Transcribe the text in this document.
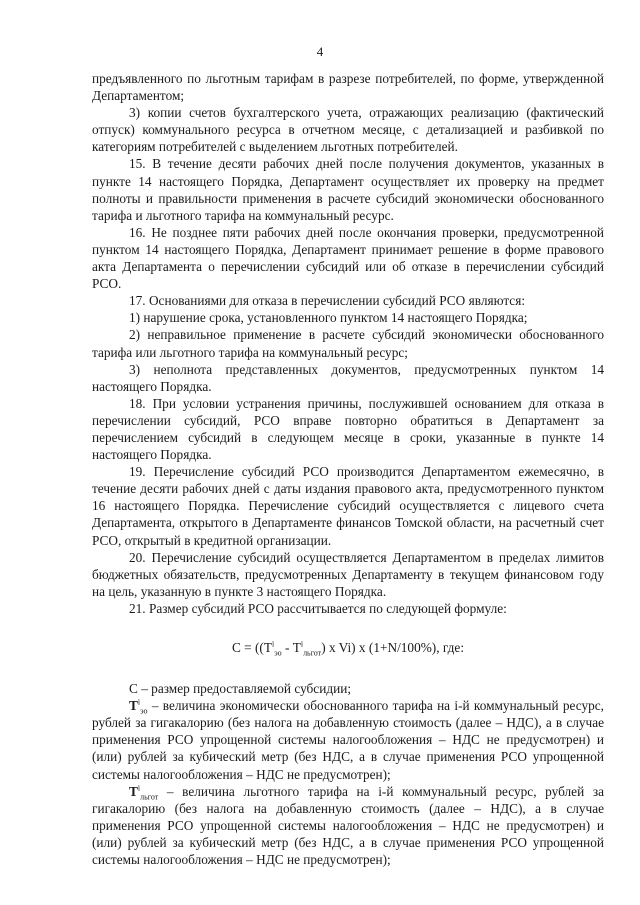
4

предъявленного по льготным тарифам в разрезе потребителей, по форме, утвержденной Департаментом;

3) копии счетов бухгалтерского учета, отражающих реализацию (фактический отпуск) коммунального ресурса в отчетном месяце, с детализацией и разбивкой по категориям потребителей с выделением льготных потребителей.

15. В течение десяти рабочих дней после получения документов, указанных в пункте 14 настоящего Порядка, Департамент осуществляет их проверку на предмет полноты и правильности применения в расчете субсидий экономически обоснованного тарифа и льготного тарифа на коммунальный ресурс.

16. Не позднее пяти рабочих дней после окончания проверки, предусмотренной пунктом 14 настоящего Порядка, Департамент принимает решение в форме правового акта Департамента о перечислении субсидий или об отказе в перечислении субсидий РСО.

17. Основаниями для отказа в перечислении субсидий РСО являются:

1) нарушение срока, установленного пунктом 14 настоящего Порядка;

2) неправильное применение в расчете субсидий экономически обоснованного тарифа или льготного тарифа на коммунальный ресурс;

3) неполнота представленных документов, предусмотренных пунктом 14 настоящего Порядка.

18. При условии устранения причины, послужившей основанием для отказа в перечислении субсидий, РСО вправе повторно обратиться в Департамент за перечислением субсидий в следующем месяце в сроки, указанные в пункте 14 настоящего Порядка.

19. Перечисление субсидий РСО производится Департаментом ежемесячно, в течение десяти рабочих дней с даты издания правового акта, предусмотренного пунктом 16 настоящего Порядка. Перечисление субсидий осуществляется с лицевого счета Департамента, открытого в Департаменте финансов Томской области, на расчетный счет РСО, открытый в кредитной организации.

20. Перечисление субсидий осуществляется Департаментом в пределах лимитов бюджетных обязательств, предусмотренных Департаменту в текущем финансовом году на цель, указанную в пункте 3 настоящего Порядка.

21. Размер субсидий РСО рассчитывается по следующей формуле:

$C = ((T^i_{эо} - T^i_{льгот})$ x Vi) x (1+N/100%), где:

С – размер предоставляемой субсидии;

$T^i_{эо}$ – величина экономически обоснованного тарифа на i-й коммунальный ресурс, рублей за гигакалорию (без налога на добавленную стоимость (далее – НДС), а в случае применения РСО упрощенной системы налогообложения – НДС не предусмотрен) и (или) рублей за кубический метр (без НДС, а в случае применения РСО упрощенной системы налогообложения – НДС не предусмотрен);

$T^i_{льгот}$ – величина льготного тарифа на i-й коммунальный ресурс, рублей за гигакалорию (без налога на добавленную стоимость (далее – НДС), а в случае применения РСО упрощенной системы налогообложения – НДС не предусмотрен) и (или) рублей за кубический метр (без НДС, а в случае применения РСО упрощенной системы налогообложения – НДС не предусмотрен);
